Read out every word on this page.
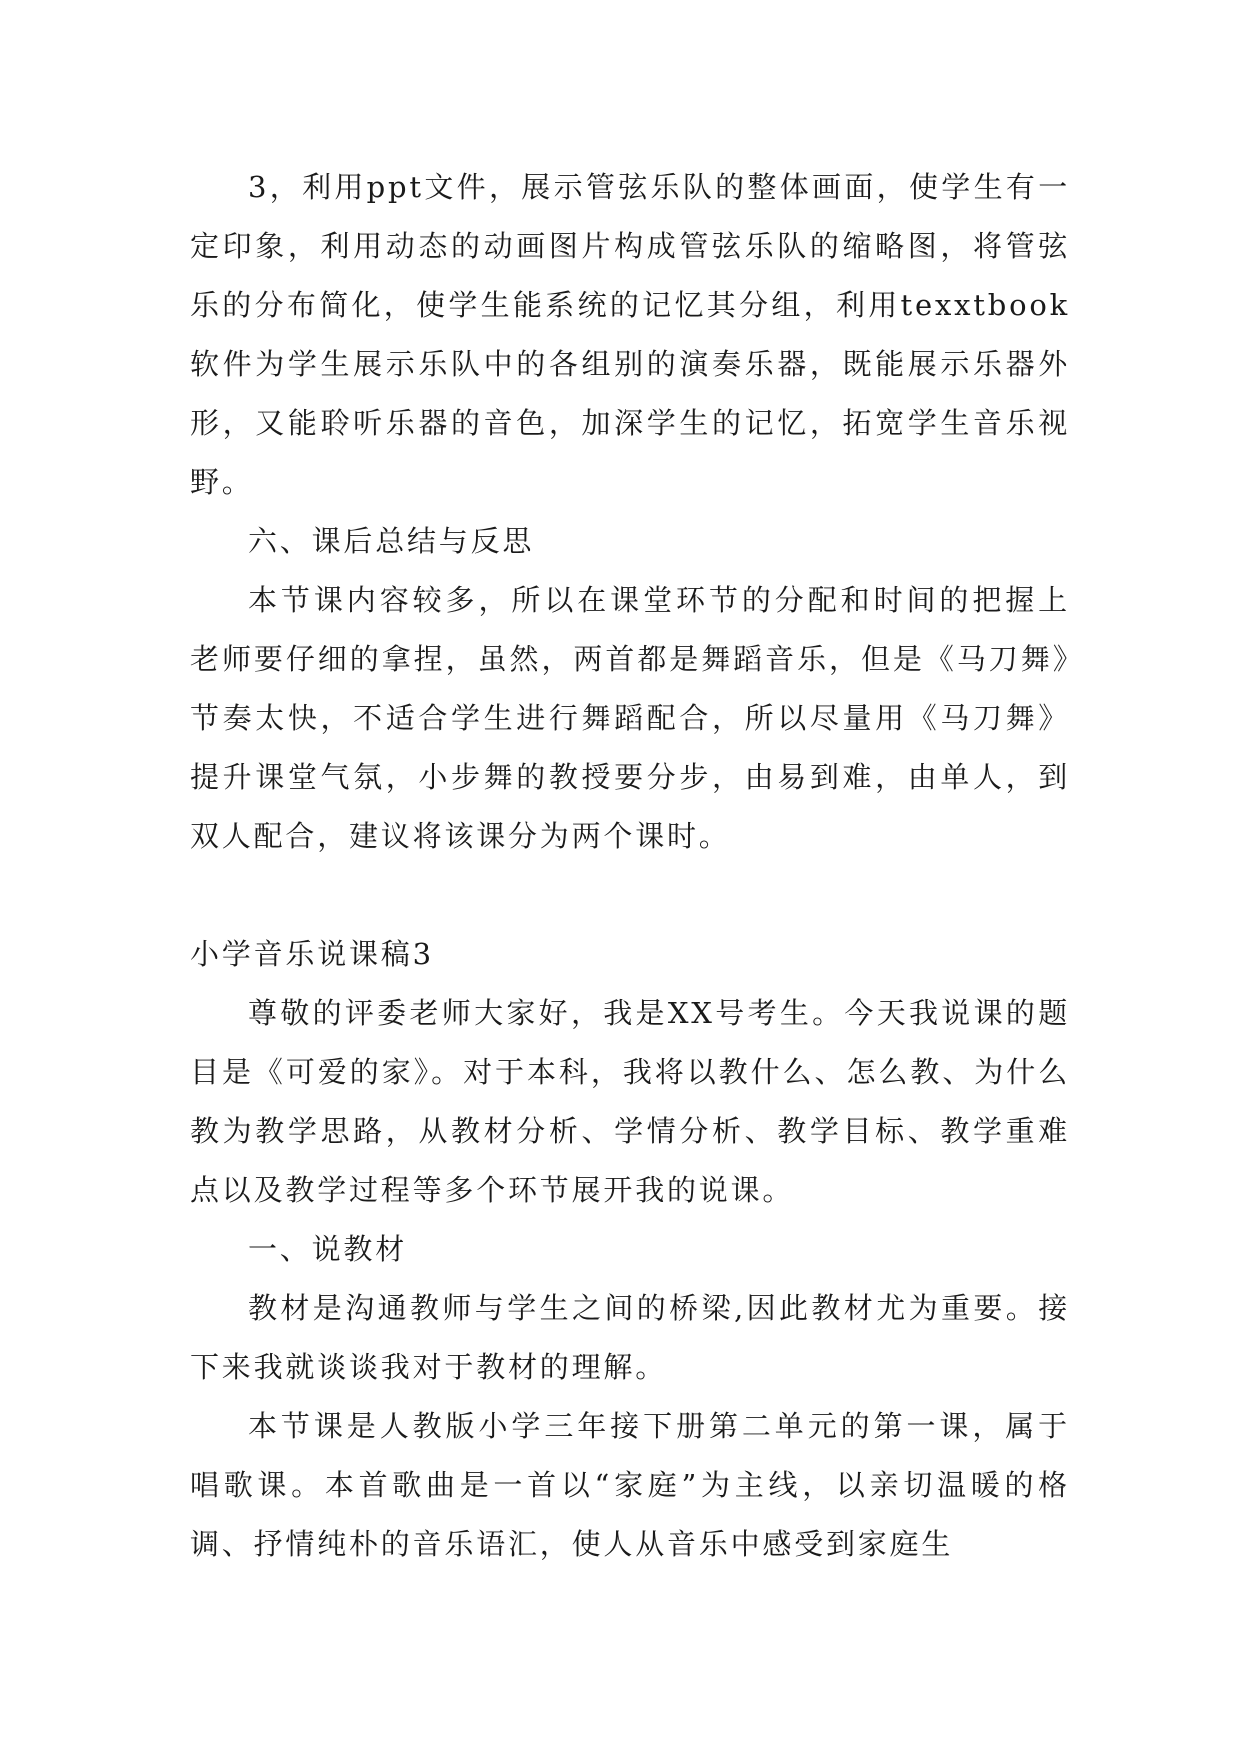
3，利用ppt文件，展示管弦乐队的整体画面，使学生有一定印象，利用动态的动画图片构成管弦乐队的缩略图，将管弦乐的分布简化，使学生能系统的记忆其分组，利用texxtbook软件为学生展示乐队中的各组别的演奏乐器，既能展示乐器外形，又能聆听乐器的音色，加深学生的记忆，拓宽学生音乐视野。

六、课后总结与反思

本节课内容较多，所以在课堂环节的分配和时间的把握上老师要仔细的拿捏，虽然，两首都是舞蹈音乐，但是《马刀舞》节奏太快，不适合学生进行舞蹈配合，所以尽量用《马刀舞》提升课堂气氛，小步舞的教授要分步，由易到难，由单人，到双人配合，建议将该课分为两个课时。

小学音乐说课稿3

尊敬的评委老师大家好，我是XX号考生。今天我说课的题目是《可爱的家》。对于本科，我将以教什么、怎么教、为什么教为教学思路，从教材分析、学情分析、教学目标、教学重难点以及教学过程等多个环节展开我的说课。

一、说教材

教材是沟通教师与学生之间的桥梁,因此教材尤为重要。接下来我就谈谈我对于教材的理解。

本节课是人教版小学三年接下册第二单元的第一课，属于唱歌课。本首歌曲是一首以“家庭”为主线，以亲切温暖的格调、抒情纯朴的音乐语汇，使人从音乐中感受到家庭生
